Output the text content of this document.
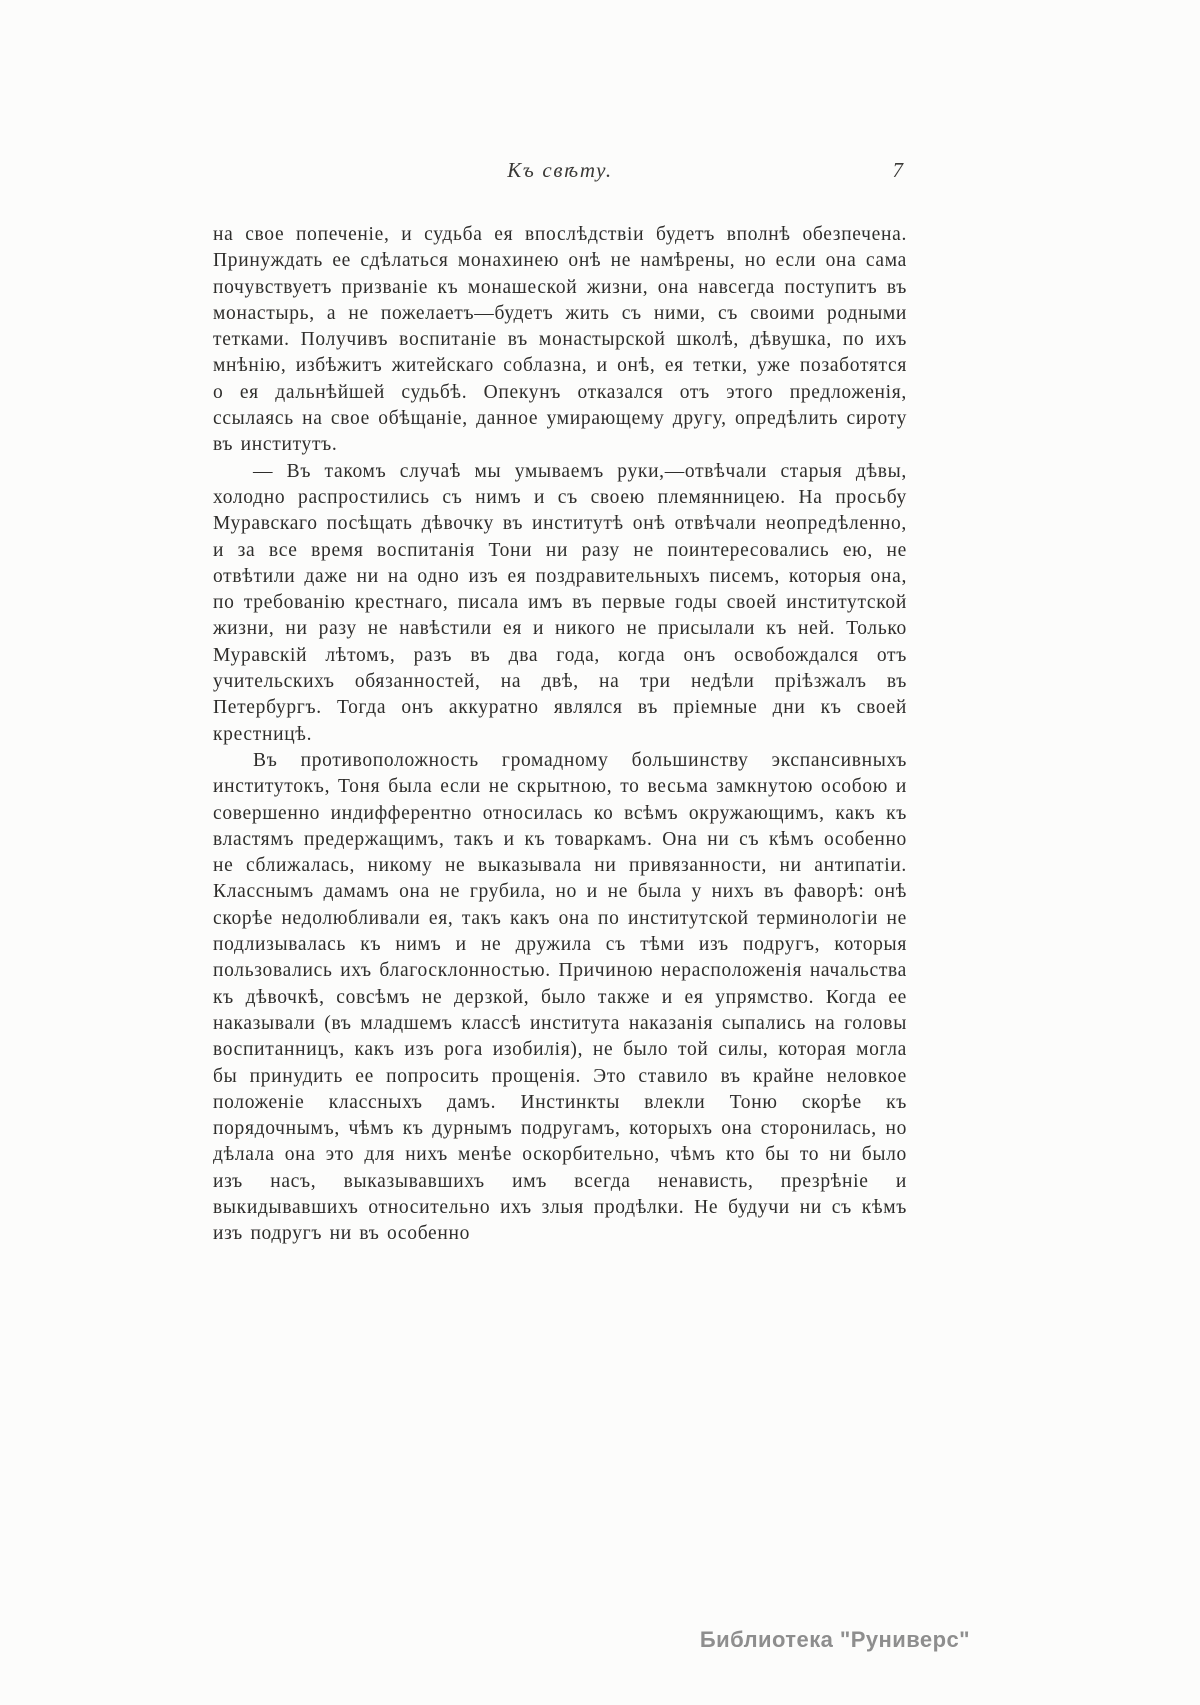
Къ свѣту.	7

на свое попеченіе, и судьба ея впослѣдствіи будетъ вполнѣ обезпечена. Принуждать ее сдѣлаться монахинею онѣ не намѣрены, но если она сама почувствуетъ призваніе къ монашеской жизни, она навсегда поступитъ въ монастырь, а не пожелаетъ—будетъ жить съ ними, съ своими родными тетками. Получивъ воспитаніе въ монастырской школѣ, дѣвушка, по ихъ мнѣнію, избѣжитъ житейскаго соблазна, и онѣ, ея тетки, уже позаботятся о ея дальнѣйшей судьбѣ. Опекунъ отказался отъ этого предложенія, ссылаясь на свое обѣщаніе, данное умирающему другу, опредѣлить сироту въ институтъ.

— Въ такомъ случаѣ мы умываемъ руки,—отвѣчали старыя дѣвы, холодно распростились съ нимъ и съ своею племянницею. На просьбу Муравскаго посѣщать дѣвочку въ институтѣ онѣ отвѣчали неопредѣленно, и за все время воспитанія Тони ни разу не поинтересовались ею, не отвѣтили даже ни на одно изъ ея поздравительныхъ писемъ, которыя она, по требованію крестнаго, писала имъ въ первые годы своей институтской жизни, ни разу не навѣстили ея и никого не присылали къ ней. Только Муравскій лѣтомъ, разъ въ два года, когда онъ освобождался отъ учительскихъ обязанностей, на двѣ, на три недѣли пріѣзжалъ въ Петербургъ. Тогда онъ аккуратно являлся въ пріемные дни къ своей крестницѣ.

Въ противоположность громадному большинству экспансивныхъ институтокъ, Тоня была если не скрытною, то весьма замкнутою особою и совершенно индифферентно относилась ко всѣмъ окружающимъ, какъ къ властямъ предержащимъ, такъ и къ товаркамъ. Она ни съ кѣмъ особенно не сближалась, никому не выказывала ни привязанности, ни антипатіи. Класснымъ дамамъ она не грубила, но и не была у нихъ въ фаворѣ: онѣ скорѣе недолюбливали ея, такъ какъ она по институтской терминологіи не подлизывалась къ нимъ и не дружила съ тѣми изъ подругъ, которыя пользовались ихъ благосклонностью. Причиною нерасположенія начальства къ дѣвочкѣ, совсѣмъ не дерзкой, было также и ея упрямство. Когда ее наказывали (въ младшемъ классѣ института наказанія сыпались на головы воспитанницъ, какъ изъ рога изобилія), не было той силы, которая могла бы принудить ее попросить прощенія. Это ставило въ крайне неловкое положеніе классныхъ дамъ. Инстинкты влекли Тоню скорѣе къ порядочнымъ, чѣмъ къ дурнымъ подругамъ, которыхъ она сторонилась, но дѣлала она это для нихъ менѣе оскорбительно, чѣмъ кто бы то ни было изъ насъ, выказывавшихъ имъ всегда ненависть, презрѣніе и выкидывавшихъ относительно ихъ злыя продѣлки. Не будучи ни съ кѣмъ изъ подругъ ни въ особенно

Библиотека "Руниверс"
